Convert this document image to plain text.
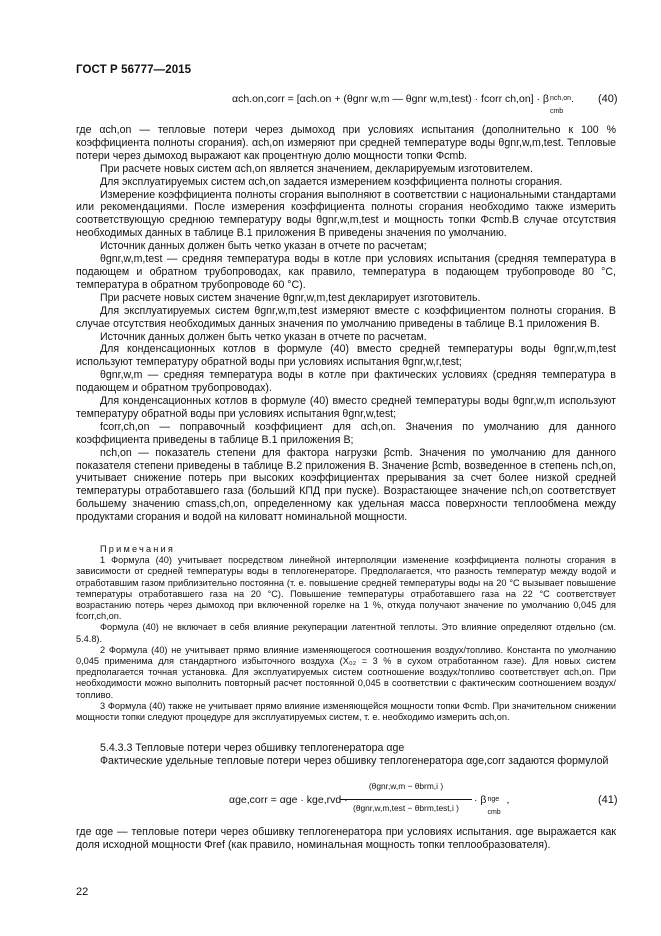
ГОСТ Р 56777—2015
αch.on,corr = [αch.on + (θgnr w,m — θgnr w,m,test) · fcorr ch,on] · β nch,on
cmb
. (40)

где αch,on — тепловые потери через дымоход при условиях испытания (дополнительно к 100 % коэффициента полноты сгорания). αch,on измеряют при средней температуре воды θgnr,w,m,test. Тепловые потери через дымоход выражают как процентную долю мощности топки Φcmb.

При расчете новых систем αch,on является значением, декларируемым изготовителем.

Для эксплуатируемых систем αch,on задается измерением коэффициента полноты сгорания.

Измерение коэффициента полноты сгорания выполняют в соответствии с национальными стандартами или рекомендациями. После измерения коэффициента полноты сгорания необходимо также измерить соответствующую среднюю температуру воды θgnr,w,m,test и мощность топки Φcmb.В случае отсутствия необходимых данных в таблице В.1 приложения В приведены значения по умолчанию.

Источник данных должен быть четко указан в отчете по расчетам;

θgnr,w,m,test — средняя температура воды в котле при условиях испытания (средняя температура в подающем и обратном трубопроводах, как правило, температура в подающем трубопроводе 80 °С, температура в обратном трубопроводе 60 °С).

При расчете новых систем значение θgnr,w,m,test декларирует изготовитель.

Для эксплуатируемых систем θgnr,w,m,test измеряют вместе с коэффициентом полноты сгорания. В случае отсутствия необходимых данных значения по умолчанию приведены в таблице В.1 приложения В.

Источник данных должен быть четко указан в отчете по расчетам.

Для конденсационных котлов в формуле (40) вместо средней температуры воды θgnr,w,m,test используют температуру обратной воды при условиях испытания θgnr,w,r,test;

θgnr,w,m — средняя температура воды в котле при фактических условиях (средняя температура в подающем и обратном трубопроводах).

Для конденсационных котлов в формуле (40) вместо средней температуры воды θgnr,w,m используют температуру обратной воды при условиях испытания θgnr,w,test;

fcorr,ch,on — поправочный коэффициент для αch,on. Значения по умолчанию для данного коэффициента приведены в таблице В.1 приложения В;

nch,on — показатель степени для фактора нагрузки βcmb. Значения по умолчанию для данного показателя степени приведены в таблице В.2 приложения В. Значение βcmb, возведенное в степень nch,on, учитывает снижение потерь при высоких коэффициентах прерывания за счет более низкой средней температуры отработавшего газа (больший КПД при пуске). Возрастающее значение nch,on соответствует большему значению cmass,ch,on, определенному как удельная масса поверхности теплообмена между продуктами сгорания и водой на киловатт номинальной мощности.

Примечания

1 Формула (40) учитывает посредством линейной интерполяции изменение коэффициента полноты сгорания в зависимости от средней температуры воды в теплогенераторе. Предполагается, что разность температур между водой и отработавшим газом приблизительно постоянна (т. е. повышение средней температуры воды на 20 °С вызывает повышение температуры отработавшего газа на 20 °С). Повышение температуры отработавшего газа на 22 °С соответствует возрастанию потерь через дымоход при включенной горелке на 1 %, откуда получают значение по умолчанию 0,045 для fcorr,ch,on.

Формула (40) не включает в себя влияние рекуперации латентной теплоты. Это влияние определяют отдельно (см. 5.4.8).

2 Формула (40) не учитывает прямо влияние изменяющегося соотношения воздух/топливо. Константа по умолчанию 0,045 применима для стандартного избыточного воздуха (Х₀₂ = 3 % в сухом отработанном газе). Для новых систем предполагается точная установка. Для эксплуатируемых систем соотношение воздух/топливо соответствует αch,on. При необходимости можно выполнить повторный расчет постоянной 0,045 в соответствии с фактическим соотношением воздух/топливо.

3 Формула (40) также не учитывает прямо влияние изменяющейся мощности топки Φcmb. При значительном снижении мощности топки следуют процедуре для эксплуатируемых систем, т. е. необходимо измерить αch,on.

5.4.3.3 Тепловые потери через обшивку теплогенератора αge

Фактические удельные тепловые потери через обшивку теплогенератора αge,corr задаются формулой

αge,corr = αge · kge,rvd ·
(θgnr,w,m − θbrm,i )
(θgnr,w,m,test − θbrm,test,i )
· β nge
cmb
,	(41)

где αge — тепловые потери через обшивку теплогенератора при условиях испытания. αge выражается как доля исходной мощности Φref (как правило, номинальная мощность топки теплообразователя).

22
